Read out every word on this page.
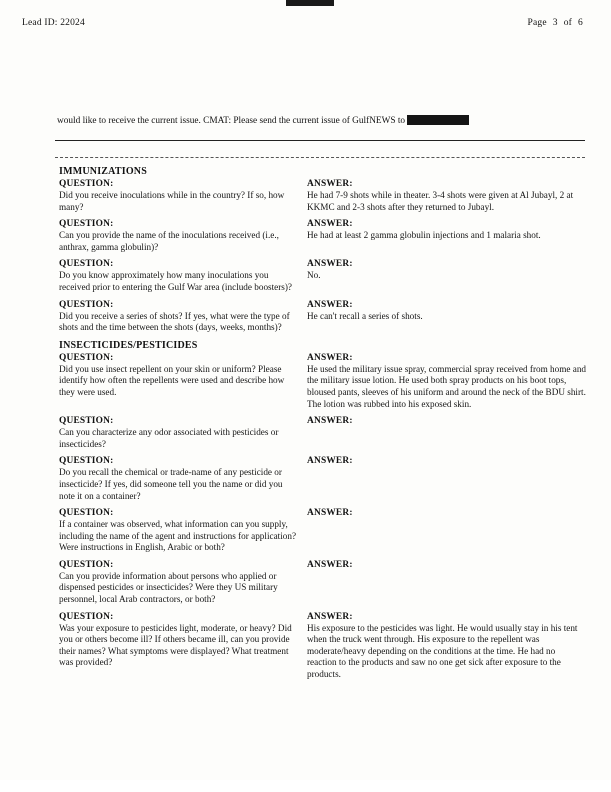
Lead ID: 22024	Page 3 of 6
would like to receive the current issue. CMAT: Please send the current issue of GulfNEWS to
IMMUNIZATIONS
QUESTION:

Did you receive inoculations while in the country? If so, how many?

ANSWER:

He had 7-9 shots while in theater. 3-4 shots were given at Al Jubayl, 2 at KKMC and 2-3 shots after they returned to Jubayl.

QUESTION:

Can you provide the name of the inoculations received (i.e., anthrax, gamma globulin)?

ANSWER:

He had at least 2 gamma globulin injections and 1 malaria shot.

QUESTION:

Do you know approximately how many inoculations you received prior to entering the Gulf War area (include boosters)?

ANSWER:

No.

QUESTION:

Did you receive a series of shots? If yes, what were the type of shots and the time between the shots (days, weeks, months)?

ANSWER:

He can't recall a series of shots.

INSECTICIDES/PESTICIDES
QUESTION:

Did you use insect repellent on your skin or uniform? Please identify how often the repellents were used and describe how they were used.

ANSWER:

He used the military issue spray, commercial spray received from home and the military issue lotion. He used both spray products on his boot tops, bloused pants, sleeves of his uniform and around the neck of the BDU shirt. The lotion was rubbed into his exposed skin.

QUESTION:

Can you characterize any odor associated with pesticides or insecticides?

ANSWER:

QUESTION:

Do you recall the chemical or trade-name of any pesticide or insecticide? If yes, did someone tell you the name or did you note it on a container?

ANSWER:

QUESTION:

If a container was observed, what information can you supply, including the name of the agent and instructions for application? Were instructions in English, Arabic or both?

ANSWER:

QUESTION:

Can you provide information about persons who applied or dispensed pesticides or insecticides? Were they US military personnel, local Arab contractors, or both?

ANSWER:

QUESTION:

Was your exposure to pesticides light, moderate, or heavy? Did you or others become ill? If others became ill, can you provide their names? What symptoms were displayed? What treatment was provided?

ANSWER:

His exposure to the pesticides was light. He would usually stay in his tent when the truck went through. His exposure to the repellent was moderate/heavy depending on the conditions at the time. He had no reaction to the products and saw no one get sick after exposure to the products.
